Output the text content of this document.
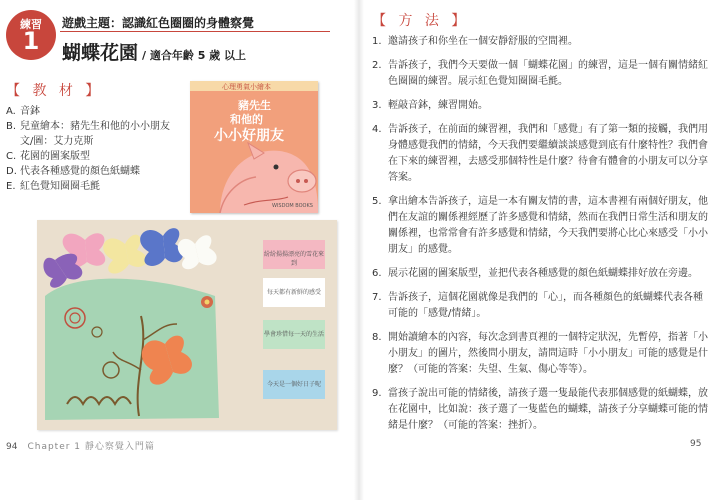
練習
1
遊戲主題：認識紅色圈圈的身體察覺
蝴蝶花園 / 適合年齡 5 歲 以上
【 教 材 】
A. 音鉢
B. 兒童繪本：豬先生和他的小小朋友 文/圖：艾力克斯
C. 花園的圖案版型
D. 代表各種感覺的顏色紙蝴蝶
E. 紅色覺知圈圈毛氈
心理勇氣小繪本
豬先生
和他的
小小好朋友
WISDOM BOOKS
紛紛揚揚漂亮的雪花來到
每天都有新鮮的感受
學會珍惜每一天的生活
今天是一個好日子呢
94 Chapter 1 靜心察覺入門篇
【 方 法 】
1. 邀請孩子和你坐在一個安靜舒服的空間裡。
2. 告訴孩子，我們今天要做一個「蝴蝶花園」的練習，這是一個有關情緒紅色圈圈的練習。展示紅色覺知圈圈毛氈。
3. 輕敲音鉢，練習開始。
4. 告訴孩子，在前面的練習裡，我們和「感覺」有了第一類的接觸，我們用身體感覺我們的情緒，今天我們要繼續談談感覺到底有什麼特性？我們會在下來的練習裡，去感受那個特性是什麼？待會有體會的小朋友可以分享答案。
5. 拿出繪本告訴孩子，這是一本有關友情的書，這本書裡有兩個好朋友，他們在友誼的關係裡經歷了許多感覺和情緒，然而在我們日常生活和朋友的關係裡，也常常會有許多感覺和情緒，今天我們要將心比心來感受「小小朋友」的感覺。
6. 展示花園的圖案版型，並把代表各種感覺的顏色紙蝴蝶排好放在旁邊。
7. 告訴孩子，這個花園就像是我們的「心」，而各種顏色的紙蝴蝶代表各種可能的「感覺/情緒」。
8. 開始讀繪本的內容，每次念到書頁裡的一個特定狀況，先暫停，指著「小小朋友」的圖片，然後問小朋友，請問這時「小小朋友」可能的感覺是什麼？（可能的答案：失望、生氣、傷心等等）。
9. 當孩子說出可能的情緒後，請孩子選一隻最能代表那個感覺的紙蝴蝶，放在花園中，比如說：孩子選了一隻藍色的蝴蝶，請孩子分享蝴蝶可能的情緒是什麼？（可能的答案：挫折）。
95
